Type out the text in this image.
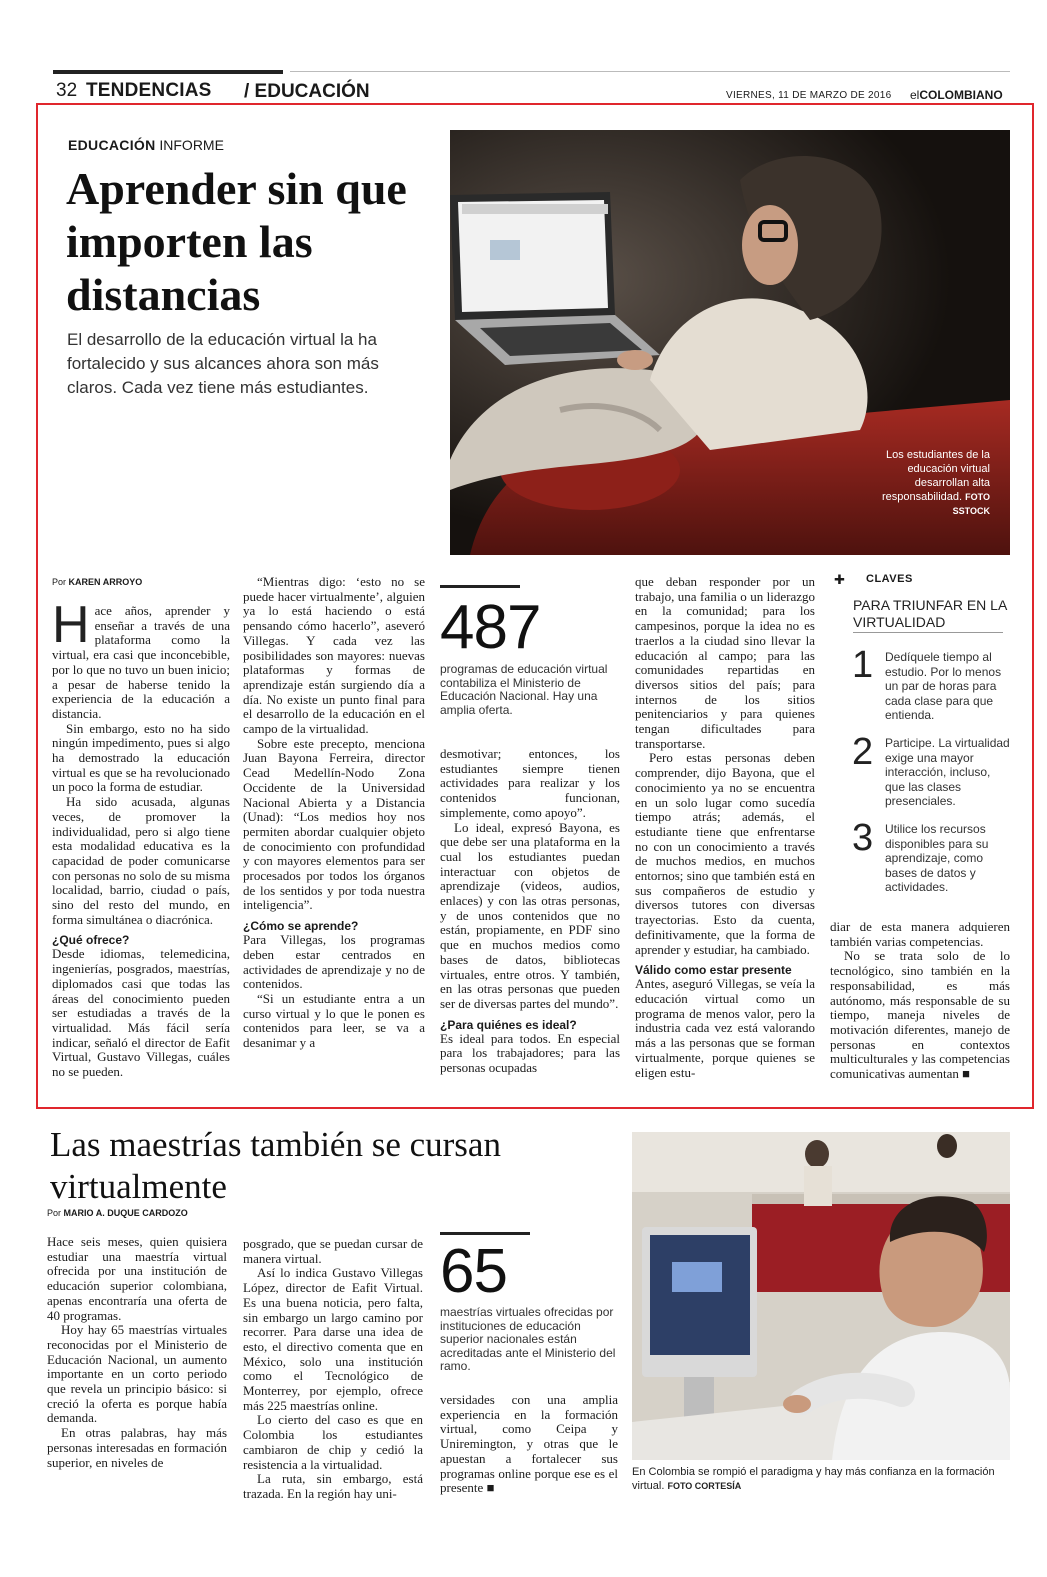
32 TENDENCIAS / EDUCACIÓN	VIERNES, 11 DE MARZO DE 2016 elCOLOMBIANO
EDUCACIÓN INFORME
Aprender sin que importen las distancias
El desarrollo de la educación virtual la ha fortalecido y sus alcances ahora son más claros. Cada vez tiene más estudiantes.
Los estudiantes de la educación virtual desarrollan alta responsabilidad. FOTO SSTOCK
Por KAREN ARROYO

Hace años, aprender y enseñar a través de una plataforma como la virtual, era casi que inconcebible, por lo que no tuvo un buen inicio; a pesar de haberse tenido la experiencia de la educación a distancia.

Sin embargo, esto no ha sido ningún impedimento, pues si algo ha demostrado la educación virtual es que se ha revolucionado un poco la forma de estudiar.

Ha sido acusada, algunas veces, de promover la individualidad, pero si algo tiene esta modalidad educativa es la capacidad de poder comunicarse con personas no solo de su misma localidad, barrio, ciudad o país, sino del resto del mundo, en forma simultánea o diacrónica.

¿Qué ofrece?

Desde idiomas, telemedicina, ingenierías, posgrados, maestrías, diplomados casi que todas las áreas del conocimiento pueden ser estudiadas a través de la virtualidad. Más fácil sería indicar, señaló el director de Eafit Virtual, Gustavo Villegas, cuáles no se pueden.

“Mientras digo: ‘esto no se puede hacer virtualmente’, alguien ya lo está haciendo o está pensando cómo hacerlo”, aseveró Villegas. Y cada vez las posibilidades son mayores: nuevas plataformas y formas de aprendizaje están surgiendo día a día. No existe un punto final para el desarrollo de la educación en el campo de la virtualidad.

Sobre este precepto, menciona Juan Bayona Ferreira, director Cead Medellín-Nodo Zona Occidente de la Universidad Nacional Abierta y a Distancia (Unad): “Los medios hoy nos permiten abordar cualquier objeto de conocimiento con profundidad y con mayores elementos para ser procesados por todos los órganos de los sentidos y por toda nuestra inteligencia”.

¿Cómo se aprende?

Para Villegas, los programas deben estar centrados en actividades de aprendizaje y no de contenidos.

“Si un estudiante entra a un curso virtual y lo que le ponen es contenidos para leer, se va a desanimar y a

487
programas de educación virtual contabiliza el Ministerio de Educación Nacional. Hay una amplia oferta.

desmotivar; entonces, los estudiantes siempre tienen actividades para realizar y los contenidos funcionan, simplemente, como apoyo”.

Lo ideal, expresó Bayona, es que debe ser una plataforma en la cual los estudiantes puedan interactuar con objetos de aprendizaje (videos, audios, enlaces) y con las otras personas, y de unos contenidos que no están, propiamente, en PDF sino que en muchos medios como bases de datos, bibliotecas virtuales, entre otros. Y también, en las otras personas que pueden ser de diversas partes del mundo”.

¿Para quiénes es ideal?

Es ideal para todos. En especial para los trabajadores; para las personas ocupadas

que deban responder por un trabajo, una familia o un liderazgo en la comunidad; para los campesinos, porque la idea no es traerlos a la ciudad sino llevar la educación al campo; para las comunidades repartidas en diversos sitios del país; para internos de los sitios penitenciarios y para quienes tengan dificultades para transportarse.

Pero estas personas deben comprender, dijo Bayona, que el conocimiento ya no se encuentra en un solo lugar como sucedía tiempo atrás; además, el estudiante tiene que enfrentarse no con un conocimiento a través de muchos medios, en muchos entornos; sino que también está en sus compañeros de estudio y diversos tutores con diversas trayectorias. Esto da cuenta, definitivamente, que la forma de aprender y estudiar, ha cambiado.

Válido como estar presente

Antes, aseguró Villegas, se veía la educación virtual como un programa de menos valor, pero la industria cada vez está valorando más a las personas que se forman virtualmente, porque quienes se eligen estu-

✚ CLAVES
PARA TRIUNFAR EN LA VIRTUALIDAD
1 Dedíquele tiempo al estudio. Por lo menos un par de horas para cada clase para que entienda.
2 Participe. La virtualidad exige una mayor interacción, incluso, que las clases presenciales.
3 Utilice los recursos disponibles para su aprendizaje, como bases de datos y actividades.

diar de esta manera adquieren también varias competencias.

No se trata solo de lo tecnológico, sino también en la responsabilidad, es más autónomo, más responsable de su tiempo, maneja niveles de motivación diferentes, manejo de personas en contextos multiculturales y las competencias comunicativas aumentan ■

Las maestrías también se cursan virtualmente
Por MARIO A. DUQUE CARDOZO

Hace seis meses, quien quisiera estudiar una maestría virtual ofrecida por una institución de educación superior colombiana, apenas encontraría una oferta de 40 programas.

Hoy hay 65 maestrías virtuales reconocidas por el Ministerio de Educación Nacional, un aumento importante en un corto periodo que revela un principio básico: si creció la oferta es porque había demanda.

En otras palabras, hay más personas interesadas en formación superior, en niveles de

posgrado, que se puedan cursar de manera virtual.

Así lo indica Gustavo Villegas López, director de Eafit Virtual. Es una buena noticia, pero falta, sin embargo un largo camino por recorrer. Para darse una idea de esto, el directivo comenta que en México, solo una institución como el Tecnológico de Monterrey, por ejemplo, ofrece más 225 maestrías online.

Lo cierto del caso es que en Colombia los estudiantes cambiaron de chip y cedió la resistencia a la virtualidad.

La ruta, sin embargo, está trazada. En la región hay uni-

65
maestrías virtuales ofrecidas por instituciones de educación superior nacionales están acreditadas ante el Ministerio del ramo.

versidades con una amplia experiencia en la formación virtual, como Ceipa y Uniremington, y otras que le apuestan a fortalecer sus programas online porque ese es el presente ■

En Colombia se rompió el paradigma y hay más confianza en la formación virtual. FOTO CORTESÍA
